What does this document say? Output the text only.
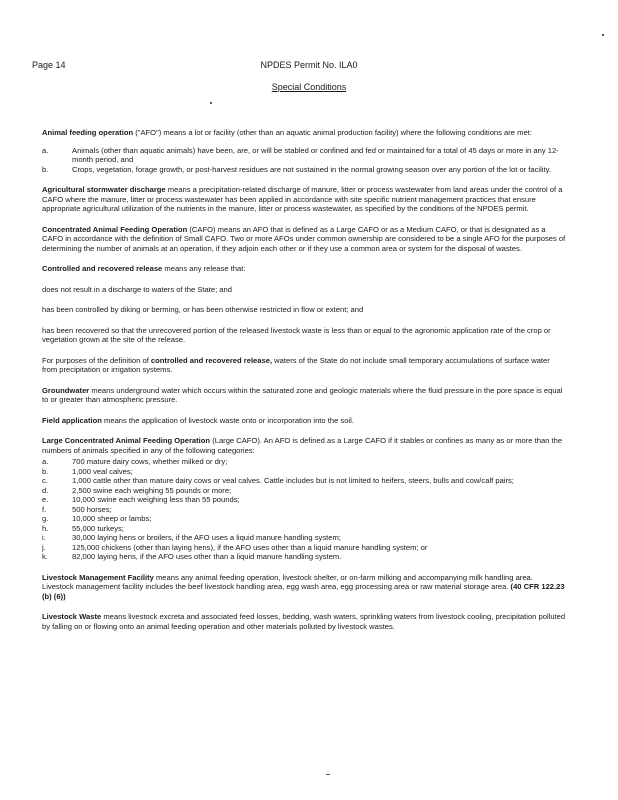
Page 14	NPDES Permit No. ILA0
Special Conditions

Animal feeding operation ("AFO") means a lot or facility (other than an aquatic animal production facility) where the following conditions are met:

a.	Animals (other than aquatic animals) have been, are, or will be stabled or confined and fed or maintained for a total of 45 days or more in any 12-month period, and
b.	Crops, vegetation, forage growth, or post-harvest residues are not sustained in the normal growing season over any portion of the lot or facility.

Agricultural stormwater discharge means a precipitation-related discharge of manure, litter or process wastewater from land areas under the control of a CAFO where the manure, litter or process wastewater has been applied in accordance with site specific nutrient management practices that ensure appropriate agricultural utilization of the nutrients in the manure, litter or process wastewater, as specified by the conditions of the NPDES permit.

Concentrated Animal Feeding Operation (CAFO) means an AFO that is defined as a Large CAFO or as a Medium CAFO, or that is designated as a CAFO in accordance with the definition of Small CAFO. Two or more AFOs under common ownership are considered to be a single AFO for the purposes of determining the number of animals at an operation, if they adjoin each other or if they use a common area or system for the disposal of wastes.

Controlled and recovered release means any release that:

does not result in a discharge to waters of the State; and

has been controlled by diking or berming, or has been otherwise restricted in flow or extent; and

has been recovered so that the unrecovered portion of the released livestock waste is less than or equal to the agronomic application rate of the crop or vegetation grown at the site of the release.

For purposes of the definition of controlled and recovered release, waters of the State do not include small temporary accumulations of surface water from precipitation or irrigation systems.

Groundwater means underground water which occurs within the saturated zone and geologic materials where the fluid pressure in the pore space is equal to or greater than atmospheric pressure.

Field application means the application of livestock waste onto or incorporation into the soil.

Large Concentrated Animal Feeding Operation (Large CAFO). An AFO is defined as a Large CAFO if it stables or confines as many as or more than the numbers of animals specified in any of the following categories:

a.	700 mature dairy cows, whether milked or dry;
b.	1,000 veal calves;
c.	1,000 cattle other than mature dairy cows or veal calves. Cattle includes but is not limited to heifers, steers, bulls and cow/calf pairs;
d.	2,500 swine each weighing 55 pounds or more;
e.	10,000 swine each weighing less than 55 pounds;
f.	500 horses;
g.	10,000 sheep or lambs;
h.	55,000 turkeys;
i.	30,000 laying hens or broilers, if the AFO uses a liquid manure handling system;
j.	125,000 chickens (other than laying hens), if the AFO uses other than a liquid manure handling system; or
k.	82,000 laying hens, if the AFO uses other than a liquid manure handling system.

Livestock Management Facility means any animal feeding operation, livestock shelter, or on-farm milking and accompanying milk handling area. Livestock management facility includes the beef livestock handling area, egg wash area, egg processing area or raw material storage area. (40 CFR 122.23 (b) (6))

Livestock Waste means livestock excreta and associated feed losses, bedding, wash waters, sprinkling waters from livestock cooling, precipitation polluted by falling on or flowing onto an animal feeding operation and other materials polluted by livestock wastes.
